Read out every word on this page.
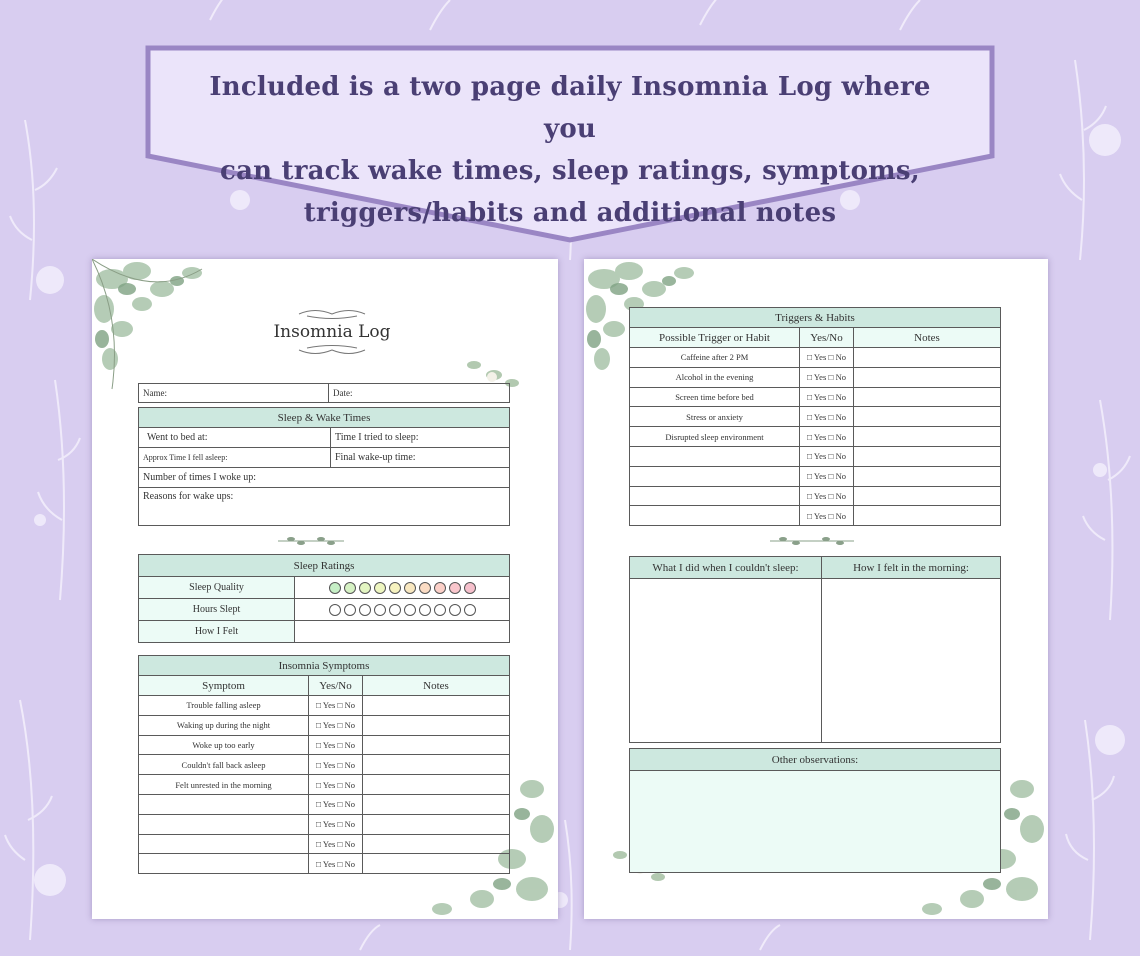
Included is a two page daily Insomnia Log where you
can track wake times, sleep ratings, symptoms,
triggers/habits and additional notes
Insomnia Log
Name:	Date:
Sleep & Wake Times	
Went to bed at:	Time I tried to sleep:
Approx Time I fell asleep:	Final wake-up time:
Number of times I woke up:	
Reasons for wake ups:	
Sleep Ratings	
Sleep Quality	

Hours Slept	

How I Felt	
Insomnia Symptoms		
Symptom	Yes/No	Notes
Trouble falling asleep	□ Yes □ No	
Waking up during the night	□ Yes □ No	
Woke up too early	□ Yes □ No	
Couldn't fall back asleep	□ Yes □ No	
Felt unrested in the morning	□ Yes □ No	
	□ Yes □ No	
	□ Yes □ No	
	□ Yes □ No	
	□ Yes □ No	
Triggers & Habits		
Possible Trigger or Habit	Yes/No	Notes
Caffeine after 2 PM	□ Yes □ No	
Alcohol in the evening	□ Yes □ No	
Screen time before bed	□ Yes □ No	
Stress or anxiety	□ Yes □ No	
Disrupted sleep environment	□ Yes □ No	
	□ Yes □ No	
	□ Yes □ No	
	□ Yes □ No	
	□ Yes □ No	
What I did when I couldn't sleep:	How I felt in the morning:

Other observations:
